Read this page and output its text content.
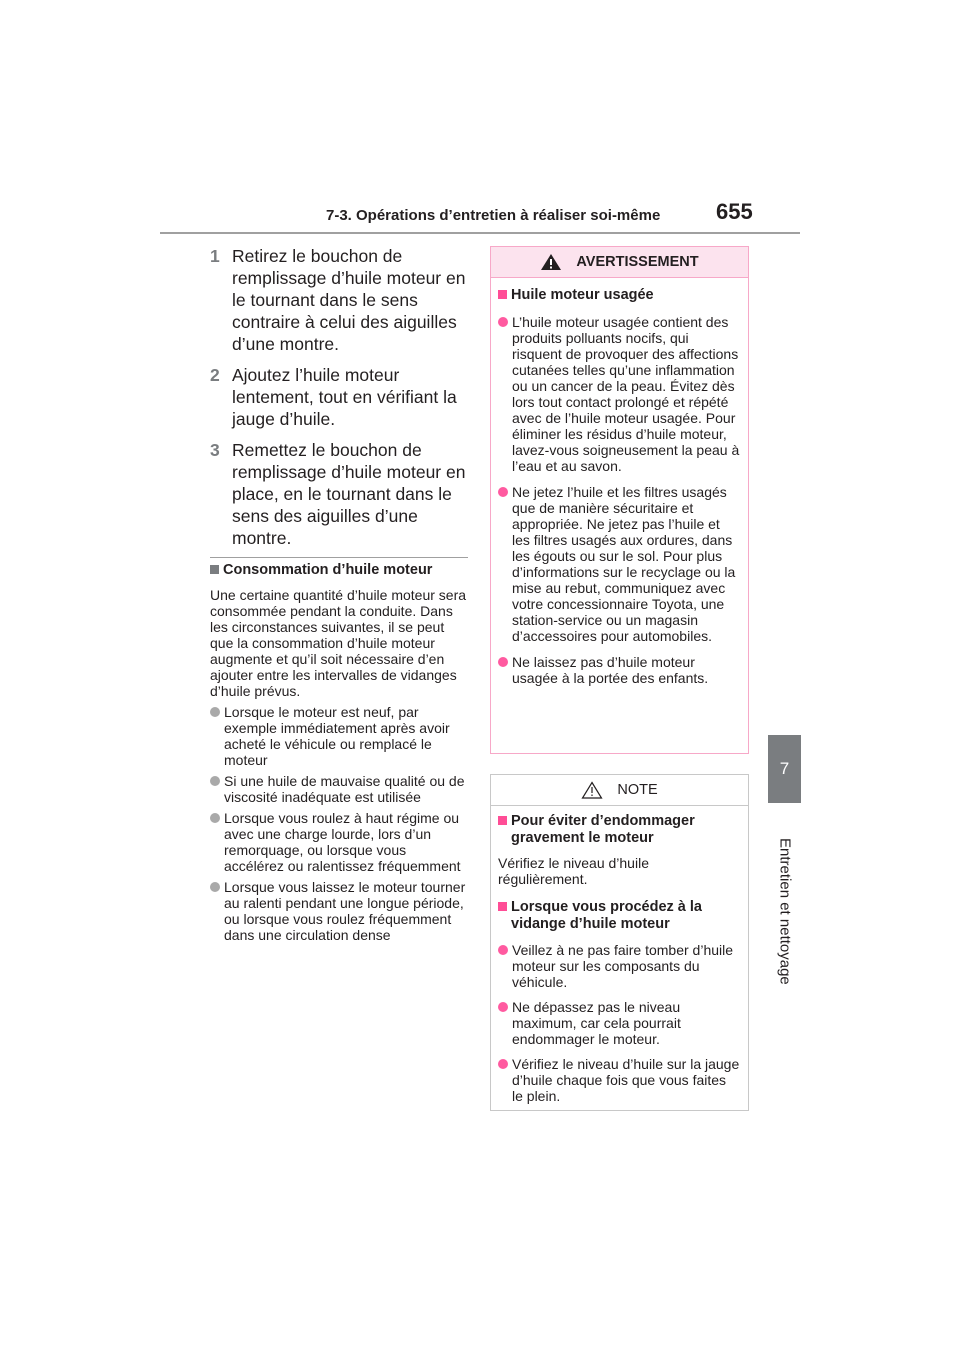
7-3. Opérations d’entretien à réaliser soi-même	655
7
Entretien et nettoyage
1 Retirez le bouchon de remplissage d’huile moteur en le tournant dans le sens contraire à celui des aiguilles d’une montre.
2 Ajoutez l’huile moteur lentement, tout en vérifiant la jauge d’huile.
3 Remettez le bouchon de remplissage d’huile moteur en place, en le tournant dans le sens des aiguilles d’une montre.
Consommation d’huile moteur
Une certaine quantité d’huile moteur sera consommée pendant la conduite. Dans les circonstances suivantes, il se peut que la consommation d’huile moteur augmente et qu’il soit nécessaire d’en ajouter entre les intervalles de vidanges d’huile prévus.
Lorsque le moteur est neuf, par exemple immédiatement après avoir acheté le véhicule ou remplacé le moteur
Si une huile de mauvaise qualité ou de viscosité inadéquate est utilisée
Lorsque vous roulez à haut régime ou avec une charge lourde, lors d’un remorquage, ou lorsque vous accélérez ou ralentissez fréquemment
Lorsque vous laissez le moteur tourner au ralenti pendant une longue période, ou lorsque vous roulez fréquemment dans une circulation dense
AVERTISSEMENT
Huile moteur usagée
L’huile moteur usagée contient des produits polluants nocifs, qui risquent de provoquer des affections cutanées telles qu’une inflammation ou un cancer de la peau. Évitez dès lors tout contact prolongé et répété avec de l’huile moteur usagée. Pour éliminer les résidus d’huile moteur, lavez-vous soigneusement la peau à l’eau et au savon.
Ne jetez l’huile et les filtres usagés que de manière sécuritaire et appropriée. Ne jetez pas l’huile et les filtres usagés aux ordures, dans les égouts ou sur le sol. Pour plus d’informations sur le recyclage ou la mise au rebut, communiquez avec votre concessionnaire Toyota, une station-service ou un magasin d’accessoires pour automobiles.
Ne laissez pas d’huile moteur usagée à la portée des enfants.
NOTE
Pour éviter d’endommager gravement le moteur
Vérifiez le niveau d’huile régulièrement.
Lorsque vous procédez à la vidange d’huile moteur
Veillez à ne pas faire tomber d’huile moteur sur les composants du véhicule.
Ne dépassez pas le niveau maximum, car cela pourrait endommager le moteur.
Vérifiez le niveau d’huile sur la jauge d’huile chaque fois que vous faites le plein.
